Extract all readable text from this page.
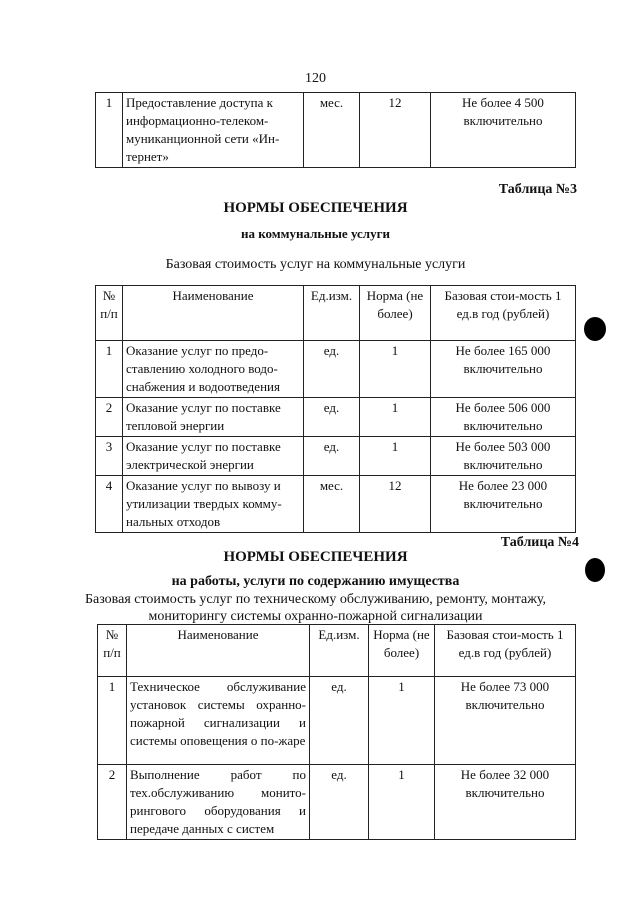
120
1	Предоставление доступа к информационно-телеком-муниканционной сети «Ин-тернет»	мес.	12	Не более 4 500 включительно
Таблица №3
НОРМЫ ОБЕСПЕЧЕНИЯ
на коммунальные услуги
Базовая стоимость услуг на коммунальные услуги
№ п/п	Наименование	Ед.изм.	Норма (не более)	Базовая стои-мость 1 ед.в год (рублей)
1	Оказание услуг по предо-ставлению холодного водо-снабжения и водоотведения	ед.	1	Не более 165 000 включительно
2	Оказание услуг по поставке тепловой энергии	ед.	1	Не более 506 000 включительно
3	Оказание услуг по поставке электрической энергии	ед.	1	Не более 503 000 включительно
4	Оказание услуг по вывозу и утилизации твердых комму-нальных отходов	мес.	12	Не более 23 000 включительно
Таблица №4
НОРМЫ ОБЕСПЕЧЕНИЯ
на работы, услуги по содержанию имущества
Базовая стоимость услуг по техническому обслуживанию, ремонту, монтажу,
мониторингу системы охранно-пожарной сигнализации
№ п/п	Наименование	Ед.изм.	Норма (не более)	Базовая стои-мость 1 ед.в год (рублей)
1	Техническое обслуживание установок системы охранно-пожарной сигнализации и системы оповещения о по-жаре	ед.	1	Не более 73 000 включительно
2	Выполнение работ по тех.обслуживанию монито-рингового оборудования и передаче данных с систем	ед.	1	Не более 32 000 включительно
